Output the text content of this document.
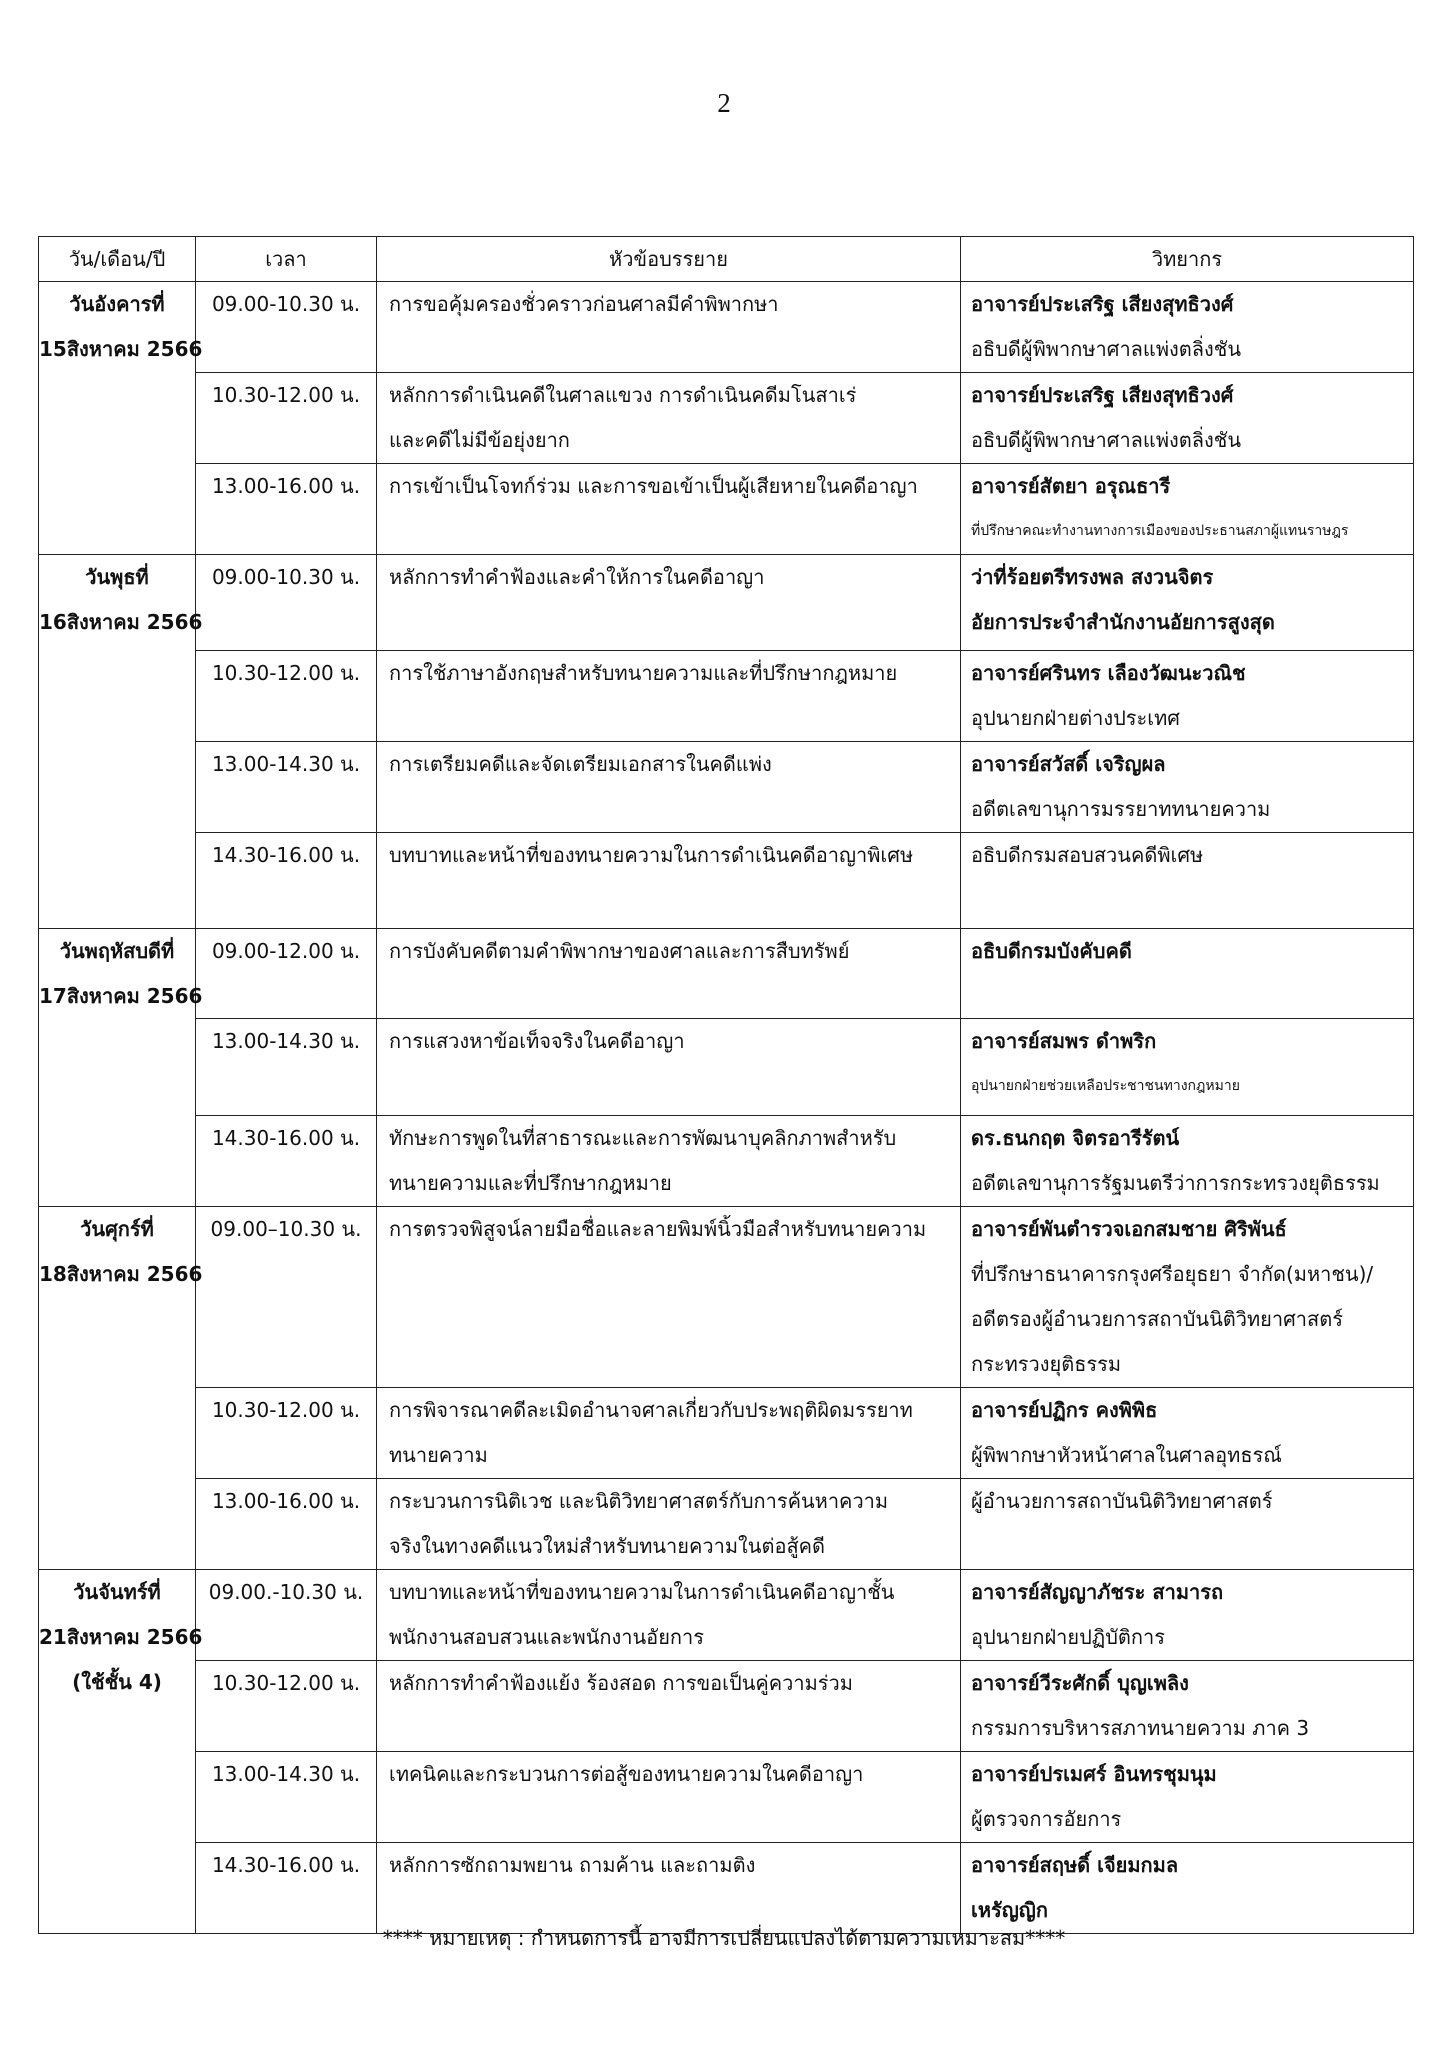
2
วัน/เดือน/ปี	เวลา	หัวข้อบรรยาย	วิทยากร

วันอังคารที่
15สิงหาคม 2566	09.00-10.30 น.	การขอคุ้มครองชั่วคราวก่อนศาลมีคำพิพากษา	อาจารย์ประเสริฐ เสียงสุทธิวงศ์
อธิบดีผู้พิพากษาศาลแพ่งตลิ่งชัน

	10.30-12.00 น.	หลักการดำเนินคดีในศาลแขวง การดำเนินคดีมโนสาเร่
และคดีไม่มีข้อยุ่งยาก	อาจารย์ประเสริฐ เสียงสุทธิวงศ์
อธิบดีผู้พิพากษาศาลแพ่งตลิ่งชัน

	13.00-16.00 น.	การเข้าเป็นโจทก์ร่วม และการขอเข้าเป็นผู้เสียหายในคดีอาญา	อาจารย์สัตยา อรุณธารี
ที่ปรึกษาคณะทำงานทางการเมืองของประธานสภาผู้แทนราษฎร

วันพุธที่
16สิงหาคม 2566	09.00-10.30 น.	หลักการทำคำฟ้องและคำให้การในคดีอาญา	ว่าที่ร้อยตรีทรงพล สงวนจิตร
อัยการประจำสำนักงานอัยการสูงสุด

	10.30-12.00 น.	การใช้ภาษาอังกฤษสำหรับทนายความและที่ปรึกษากฎหมาย	อาจารย์ศรินทร เลืองวัฒนะวณิช
อุปนายกฝ่ายต่างประเทศ

	13.00-14.30 น.	การเตรียมคดีและจัดเตรียมเอกสารในคดีแพ่ง	อาจารย์สวัสดิ์ เจริญผล
อดีตเลขานุการมรรยาททนายความ

	14.30-16.00 น.	บทบาทและหน้าที่ของทนายความในการดำเนินคดีอาญาพิเศษ	อธิบดีกรมสอบสวนคดีพิเศษ

วันพฤหัสบดีที่
17สิงหาคม 2566	09.00-12.00 น.	การบังคับคดีตามคำพิพากษาของศาลและการสืบทรัพย์	อธิบดีกรมบังคับคดี

	13.00-14.30 น.	การแสวงหาข้อเท็จจริงในคดีอาญา	อาจารย์สมพร ดำพริก
อุปนายกฝ่ายช่วยเหลือประชาชนทางกฎหมาย

	14.30-16.00 น.	ทักษะการพูดในที่สาธารณะและการพัฒนาบุคลิกภาพสำหรับ
ทนายความและที่ปรึกษากฎหมาย	ดร.ธนกฤต จิตรอารีรัตน์
อดีตเลขานุการรัฐมนตรีว่าการกระทรวงยุติธรรม

วันศุกร์ที่
18สิงหาคม 2566	09.00–10.30 น.	การตรวจพิสูจน์ลายมือชื่อและลายพิมพ์นิ้วมือสำหรับทนายความ	อาจารย์พันตำรวจเอกสมชาย ศิริพันธ์
ที่ปรึกษาธนาคารกรุงศรีอยุธยา จำกัด(มหาชน)/
อดีตรองผู้อำนวยการสถาบันนิติวิทยาศาสตร์
กระทรวงยุติธรรม

	10.30-12.00 น.	การพิจารณาคดีละเมิดอำนาจศาลเกี่ยวกับประพฤติผิดมรรยาท
ทนายความ	อาจารย์ปฏิกร คงพิพิธ
ผู้พิพากษาหัวหน้าศาลในศาลอุทธรณ์

	13.00-16.00 น.	กระบวนการนิติเวช และนิติวิทยาศาสตร์กับการค้นหาความ
จริงในทางคดีแนวใหม่สำหรับทนายความในต่อสู้คดี	ผู้อำนวยการสถาบันนิติวิทยาศาสตร์

วันจันทร์ที่
21สิงหาคม 2566
(ใช้ชั้น 4)	09.00.-10.30 น.	บทบาทและหน้าที่ของทนายความในการดำเนินคดีอาญาชั้น
พนักงานสอบสวนและพนักงานอัยการ	อาจารย์สัญญาภัชระ สามารถ
อุปนายกฝ่ายปฏิบัติการ

	10.30-12.00 น.	หลักการทำคำฟ้องแย้ง ร้องสอด การขอเป็นคู่ความร่วม	อาจารย์วีระศักดิ์ บุญเพลิง
กรรมการบริหารสภาทนายความ ภาค 3

	13.00-14.30 น.	เทคนิคและกระบวนการต่อสู้ของทนายความในคดีอาญา	อาจารย์ปรเมศร์ อินทรชุมนุม
ผู้ตรวจการอัยการ

	14.30-16.00 น.	หลักการซักถามพยาน ถามค้าน และถามติง	อาจารย์สฤษดิ์ เจียมกมล
เหรัญญิก
**** หมายเหตุ : กำหนดการนี้ อาจมีการเปลี่ยนแปลงได้ตามความเหมาะสม****
